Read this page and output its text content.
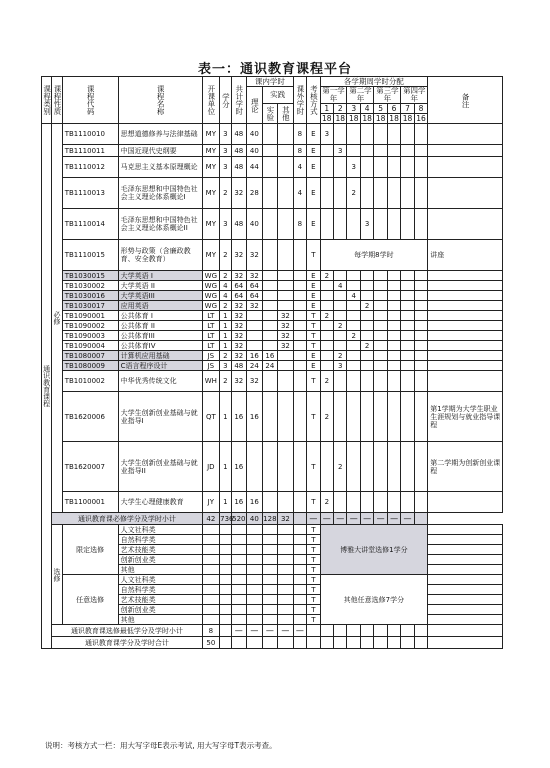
表一：通识教育课程平台
课程类别	课程性质	课程代码	课程名称	开课单位	学分	共计学时	课内学时			课外学时	考核方式	各学期周学时分配								备注
							理论	实践				第一学年		第二学年		第三学年		第四学年		
								实验	其他			1	2	3	4	5	6	7	8	
												18	18	18	18	18	18	18	16	
通识教育课程	必修	TB1110010	思想道德修养与法律基础	MY	3	48	40			8	E	3								
		TB1110011	中国近现代史纲要	MY	3	48	40			8	E		3							
		TB1110012	马克思主义基本原理概论	MY	3	48	44			4	E			3						
		TB1110013	毛泽东思想和中国特色社会主义理论体系概论I	MY	2	32	28			4	E			2						
		TB1110014	毛泽东思想和中国特色社会主义理论体系概论II	MY	3	48	40			8	E				3					
		TB1110015	形势与政策（含廉政教育、安全教育）	MY	2	32	32				T	每学期8学时								讲座
		TB1030015	大学英语 I	WG	2	32	32				E	2								
		TB1030002	大学英语 II	WG	4	64	64				E		4							
		TB1030016	大学英语III	WG	4	64	64				E			4						
		TB1030017	应用英语	WG	2	32	32				E				2					
		TB1090001	公共体育 I	LT	1	32			32		T	2								
		TB1090002	公共体育 II	LT	1	32			32		T		2							
		TB1090003	公共体育III	LT	1	32			32		T			2						
		TB1090004	公共体育IV	LT	1	32			32		T				2					
		TB1080007	计算机应用基础	JS	2	32	16	16			E		2							
		TB1080009	C语言程序设计	JS	3	48	24	24			E		3							
		TB1010002	中华优秀传统文化	WH	2	32	32				T	2								
		TB1620006	大学生创新创业基础与就业指导I	QT	1	16	16				T	2								第1学期为大学生职业生涯规划与就业指导课程
		TB1620007	大学生创新创业基础与就业指导II	JD	1	16					T		2							第二学期为创新创业课程
		TB1100001	大学生心理健康教育	JY	1	16	16				T	2								
	通识教育课必修学分及学时小计			42	736	520	40	128	32		—	—	—	—	—	—	—	—		
	选修	限定选修	人文社科类								T	博雅大讲堂选修1学分								
			自然科学类								T									
			艺术技能类								T									
			创新创业类								T									
			其他								T									
		任意选修	人文社科类								T	其他任意选修7学分								
			自然科学类								T									
			艺术技能类								T									
			创新创业类								T									
			其他								T									
	通识教育课选修最低学分及学时小计			8		—	—	—	—	—										
	通识教育课学分及学时合计			50																
说明：考核方式一栏：用大写字母E表示考试, 用大写字母T表示考查。
